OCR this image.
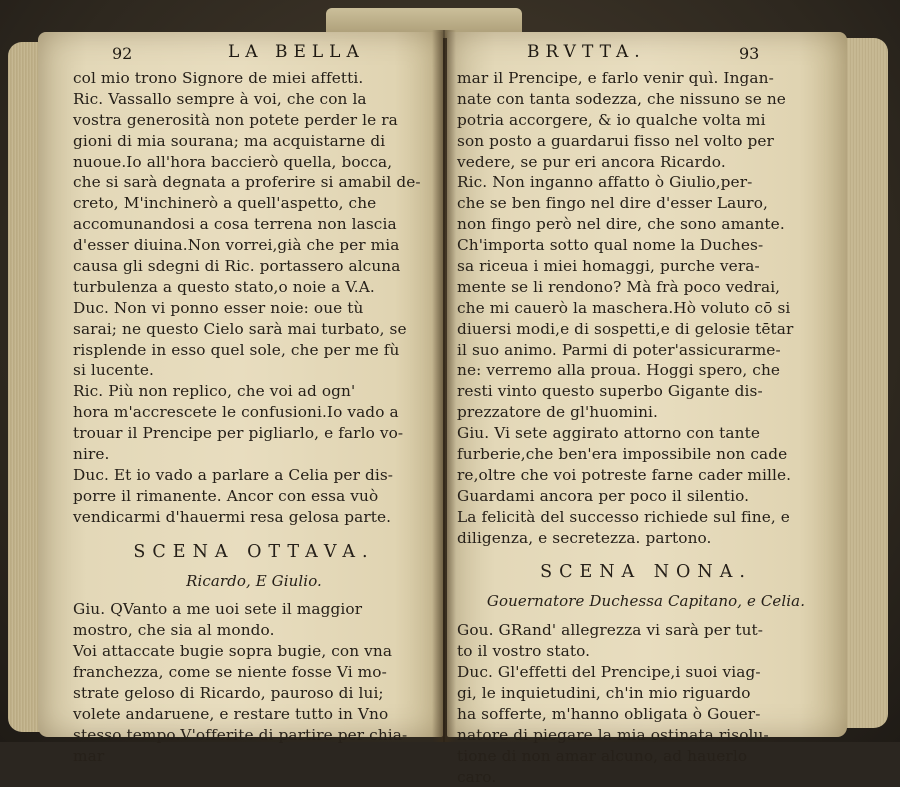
92	LA BELLA
col mio trono Signore de miei affetti.
Ric. Vassallo sempre à voi, che con la
vostra generosità non potete perder le ra
gioni di mia sourana; ma acquistarne di
nuoue.Io all'hora baccierò quella, bocca,
che si sarà degnata a proferire si amabil de-
creto, M'inchinerò a quell'aspetto, che
accomunandosi a cosa terrena non lascia
d'esser diuina.Non vorrei,già che per mia
causa gli sdegni di Ric. portassero alcuna
turbulenza a questo stato,o noie a V.A.
Duc. Non vi ponno esser noie: oue tù
sarai; ne questo Cielo sarà mai turbato, se
risplende in esso quel sole, che per me fù
si lucente.
Ric. Più non replico, che voi ad ogn'
hora m'accrescete le confusioni.Io vado a
trouar il Prencipe per pigliarlo, e farlo vo-
nire.
Duc. Et io vado a parlare a Celia per dis-
porre il rimanente. Ancor con essa vuò
vendicarmi d'hauermi resa gelosa parte.
SCENA OTTAVA.
Ricardo, E Giulio.
Giu. QVanto a me uoi sete il maggior
mostro, che sia al mondo.
Voi attaccate bugie sopra bugie, con vna
franchezza, come se niente fosse Vi mo-
strate geloso di Ricardo, pauroso di lui;
volete andaruene, e restare tutto in Vno
stesso tempo.V'offerite di partire per chia-
mar
BRVTTA.	93
mar il Prencipe, e farlo venir quì. Ingan-
nate con tanta sodezza, che nissuno se ne
potria accorgere, & io qualche volta mi
son posto a guardarui fisso nel volto per
vedere, se pur eri ancora Ricardo.
Ric. Non inganno affatto ò Giulio,per-
che se ben fingo nel dire d'esser Lauro,
non fingo però nel dire, che sono amante.
Ch'importa sotto qual nome la Duches-
sa riceua i miei homaggi, purche vera-
mente se li rendono? Mà frà poco vedrai,
che mi cauerò la maschera.Hò voluto cō si
diuersi modi,e di sospetti,e di gelosie tētar
il suo animo. Parmi di poter'assicurarme-
ne: verremo alla proua. Hoggi spero, che
resti vinto questo superbo Gigante dis-
prezzatore de gl'huomini.
Giu. Vi sete aggirato attorno con tante
furberie,che ben'era impossibile non cade
re,oltre che voi potreste farne cader mille.
Guardami ancora per poco il silentio.
La felicità del successo richiede sul fine, e
diligenza, e secretezza. partono.
SCENA NONA.
Gouernatore Duchessa Capitano, e Celia.
Gou. GRand' allegrezza vi sarà per tut-
to il vostro stato.
Duc. Gl'effetti del Prencipe,i suoi viag-
gi, le inquietudini, ch'in mio riguardo
ha sofferte, m'hanno obligata ò Gouer-
natore di piegare la mia ostinata risolu-
tione di non amar alcuno, ad hauerlo
caro.
